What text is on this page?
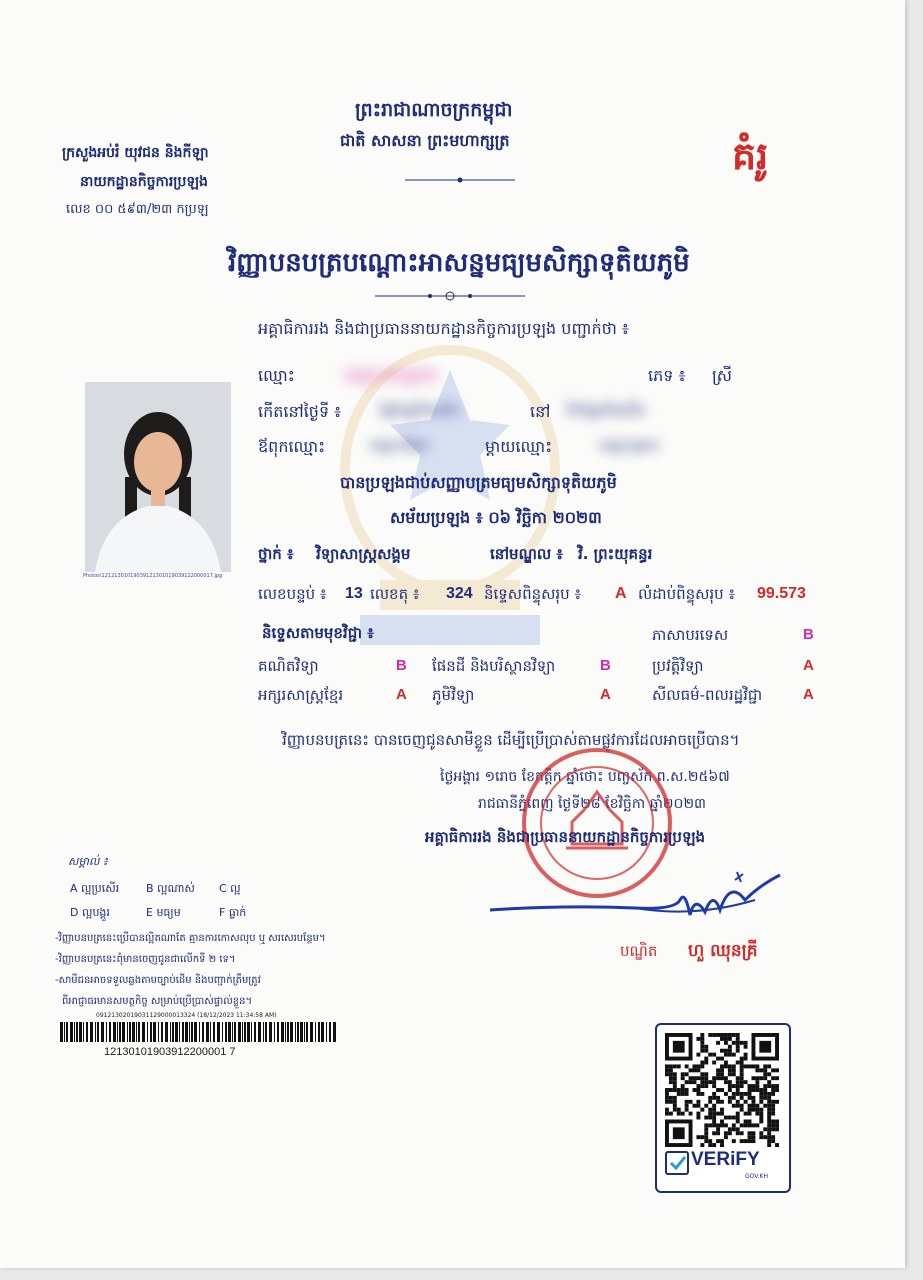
ព្រះរាជាណាចក្រកម្ពុជា
ជាតិ សាសនា ព្រះមហាក្សត្រ
ក្រសួងអប់រំ យុវជន និងកីឡា
នាយកដ្ឋានកិច្ចការប្រឡង
លេខ ០០ ៥៩៣/២៣ កប្រឡ
គំរូ
វិញ្ញាបនបត្របណ្តោះអាសន្នមធ្យមសិក្សាទុតិយភូមិ
អគ្គាធិការរង និងជាប្រធាននាយកដ្ឋានកិច្ចការប្រឡង បញ្ជាក់ថា ៖
Photos\12121301019039121301019039122000017.jpg
ឈ្មោះ	ឈ្មោះបេក្ខជន	ភេទ ៖ ស្រី
កើតនៅថ្ងៃទី ៖	ថ្ងៃខែឆ្នាំកំណើត	នៅ ទីកន្លែងកំណើត
ឪពុកឈ្មោះ	ឈ្មោះឪពុក	ម្តាយឈ្មោះ	ឈ្មោះម្តាយ
បានប្រឡងជាប់សញ្ញាបត្រមធ្យមសិក្សាទុតិយភូមិ
សម័យប្រឡង ៖ ០៦ វិច្ឆិកា ២០២៣
ថ្នាក់ ៖ វិទ្យាសាស្ត្រសង្គម	នៅមណ្ឌល ៖ វិ. ព្រះយុគន្ធរ
លេខបន្ទប់ ៖ 13 លេខតុ ៖ 324 និទ្ទេសពិន្ទុសរុប ៖ A លំដាប់ពិន្ទុសរុប ៖ 99.573
និទ្ទេសតាមមុខវិជ្ជា ៖	ភាសាបរទេស	B
គណិតវិទ្យា	B ផែនដី និងបរិស្ថានវិទ្យា	B	ប្រវត្តិវិទ្យា	A
អក្សរសាស្ត្រខ្មែរ	A ភូមិវិទ្យា	A	សីលធម៌-ពលរដ្ឋវិជ្ជា	A
វិញ្ញាបនបត្រនេះ បានចេញជូនសាមីខ្លួន ដើម្បីប្រើប្រាស់តាមផ្លូវការដែលអាចប្រើបាន។
ថ្ងៃអង្គារ ១រោច ខែកត្តិក ឆ្នាំថោះ បញ្ចស័ក ព.ស.២៥៦៧
រាជធានីភ្នំពេញ ថ្ងៃទី២៨ ខែវិច្ឆិកា ឆ្នាំ២០២៣
អគ្គាធិការរង និងជាប្រធាននាយកដ្ឋានកិច្ចការប្រឡង
បណ្ឌិត ហួ ឈុនគ្រី
សម្គាល់ ៖
A ល្អប្រសើរ B ល្អណាស់ C ល្អ
D ល្អបង្គួរ	E មធ្យម	F ធ្លាក់
-វិញ្ញាបនបត្រនេះប្រើបានល្អិតណាតែ គ្មានការកោសលុប ឬ សរសេរបន្ថែម។
-វិញ្ញាបនបត្រនេះពុំមានចេញជូនជាលើកទី ២ ទេ។
-សាមីជនអាចទទួលឆ្លងតាមច្បាប់ដើម និងបញ្ជាក់ត្រឹមត្រូវ
ពីអាជ្ញាធរមានសមត្ថកិច្ច សម្រាប់ប្រើប្រាស់ផ្ទាល់ខ្លួន។
09121302019031129000013324 (18/12/2023 11:34:58 AM)
12130101903912200001 7
VERiFY
GOV.KH
